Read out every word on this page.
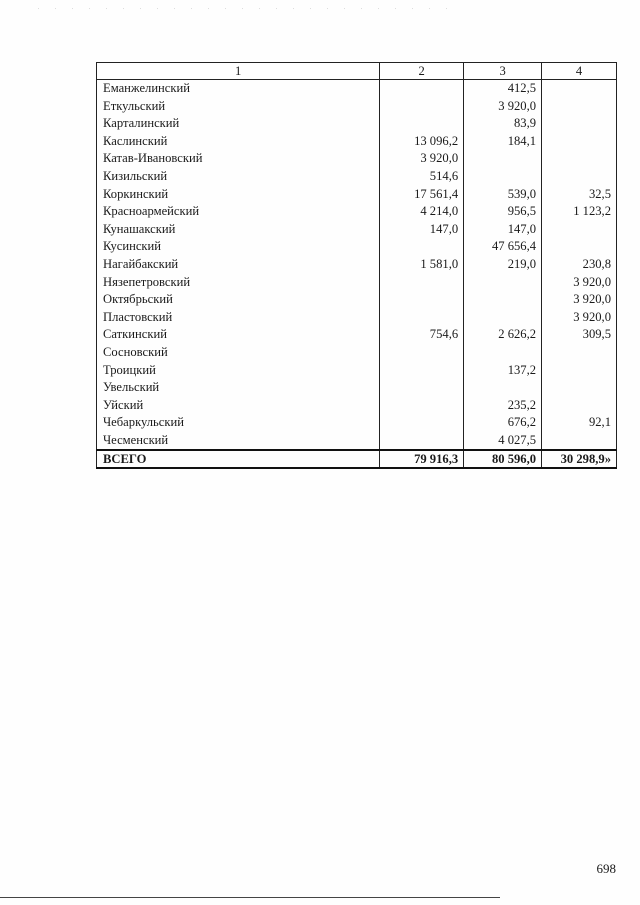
1	2	3	4
Еманжелинский		412,5	
Еткульский		3 920,0	
Карталинский		83,9	
Каслинский	13 096,2	184,1	
Катав-Ивановский	3 920,0		
Кизильский	514,6		
Коркинский	17 561,4	539,0	32,5
Красноармейский	4 214,0	956,5	1 123,2
Кунашакский	147,0	147,0	
Кусинский		47 656,4	
Нагайбакский	1 581,0	219,0	230,8
Нязепетровский			3 920,0
Октябрьский			3 920,0
Пластовский			3 920,0
Саткинский	754,6	2 626,2	309,5
Сосновский			
Троицкий		137,2	
Увельский			
Уйский		235,2	
Чебаркульский		676,2	92,1
Чесменский		4 027,5	
ВСЕГО	79 916,3	80 596,0	30 298,9»
698
